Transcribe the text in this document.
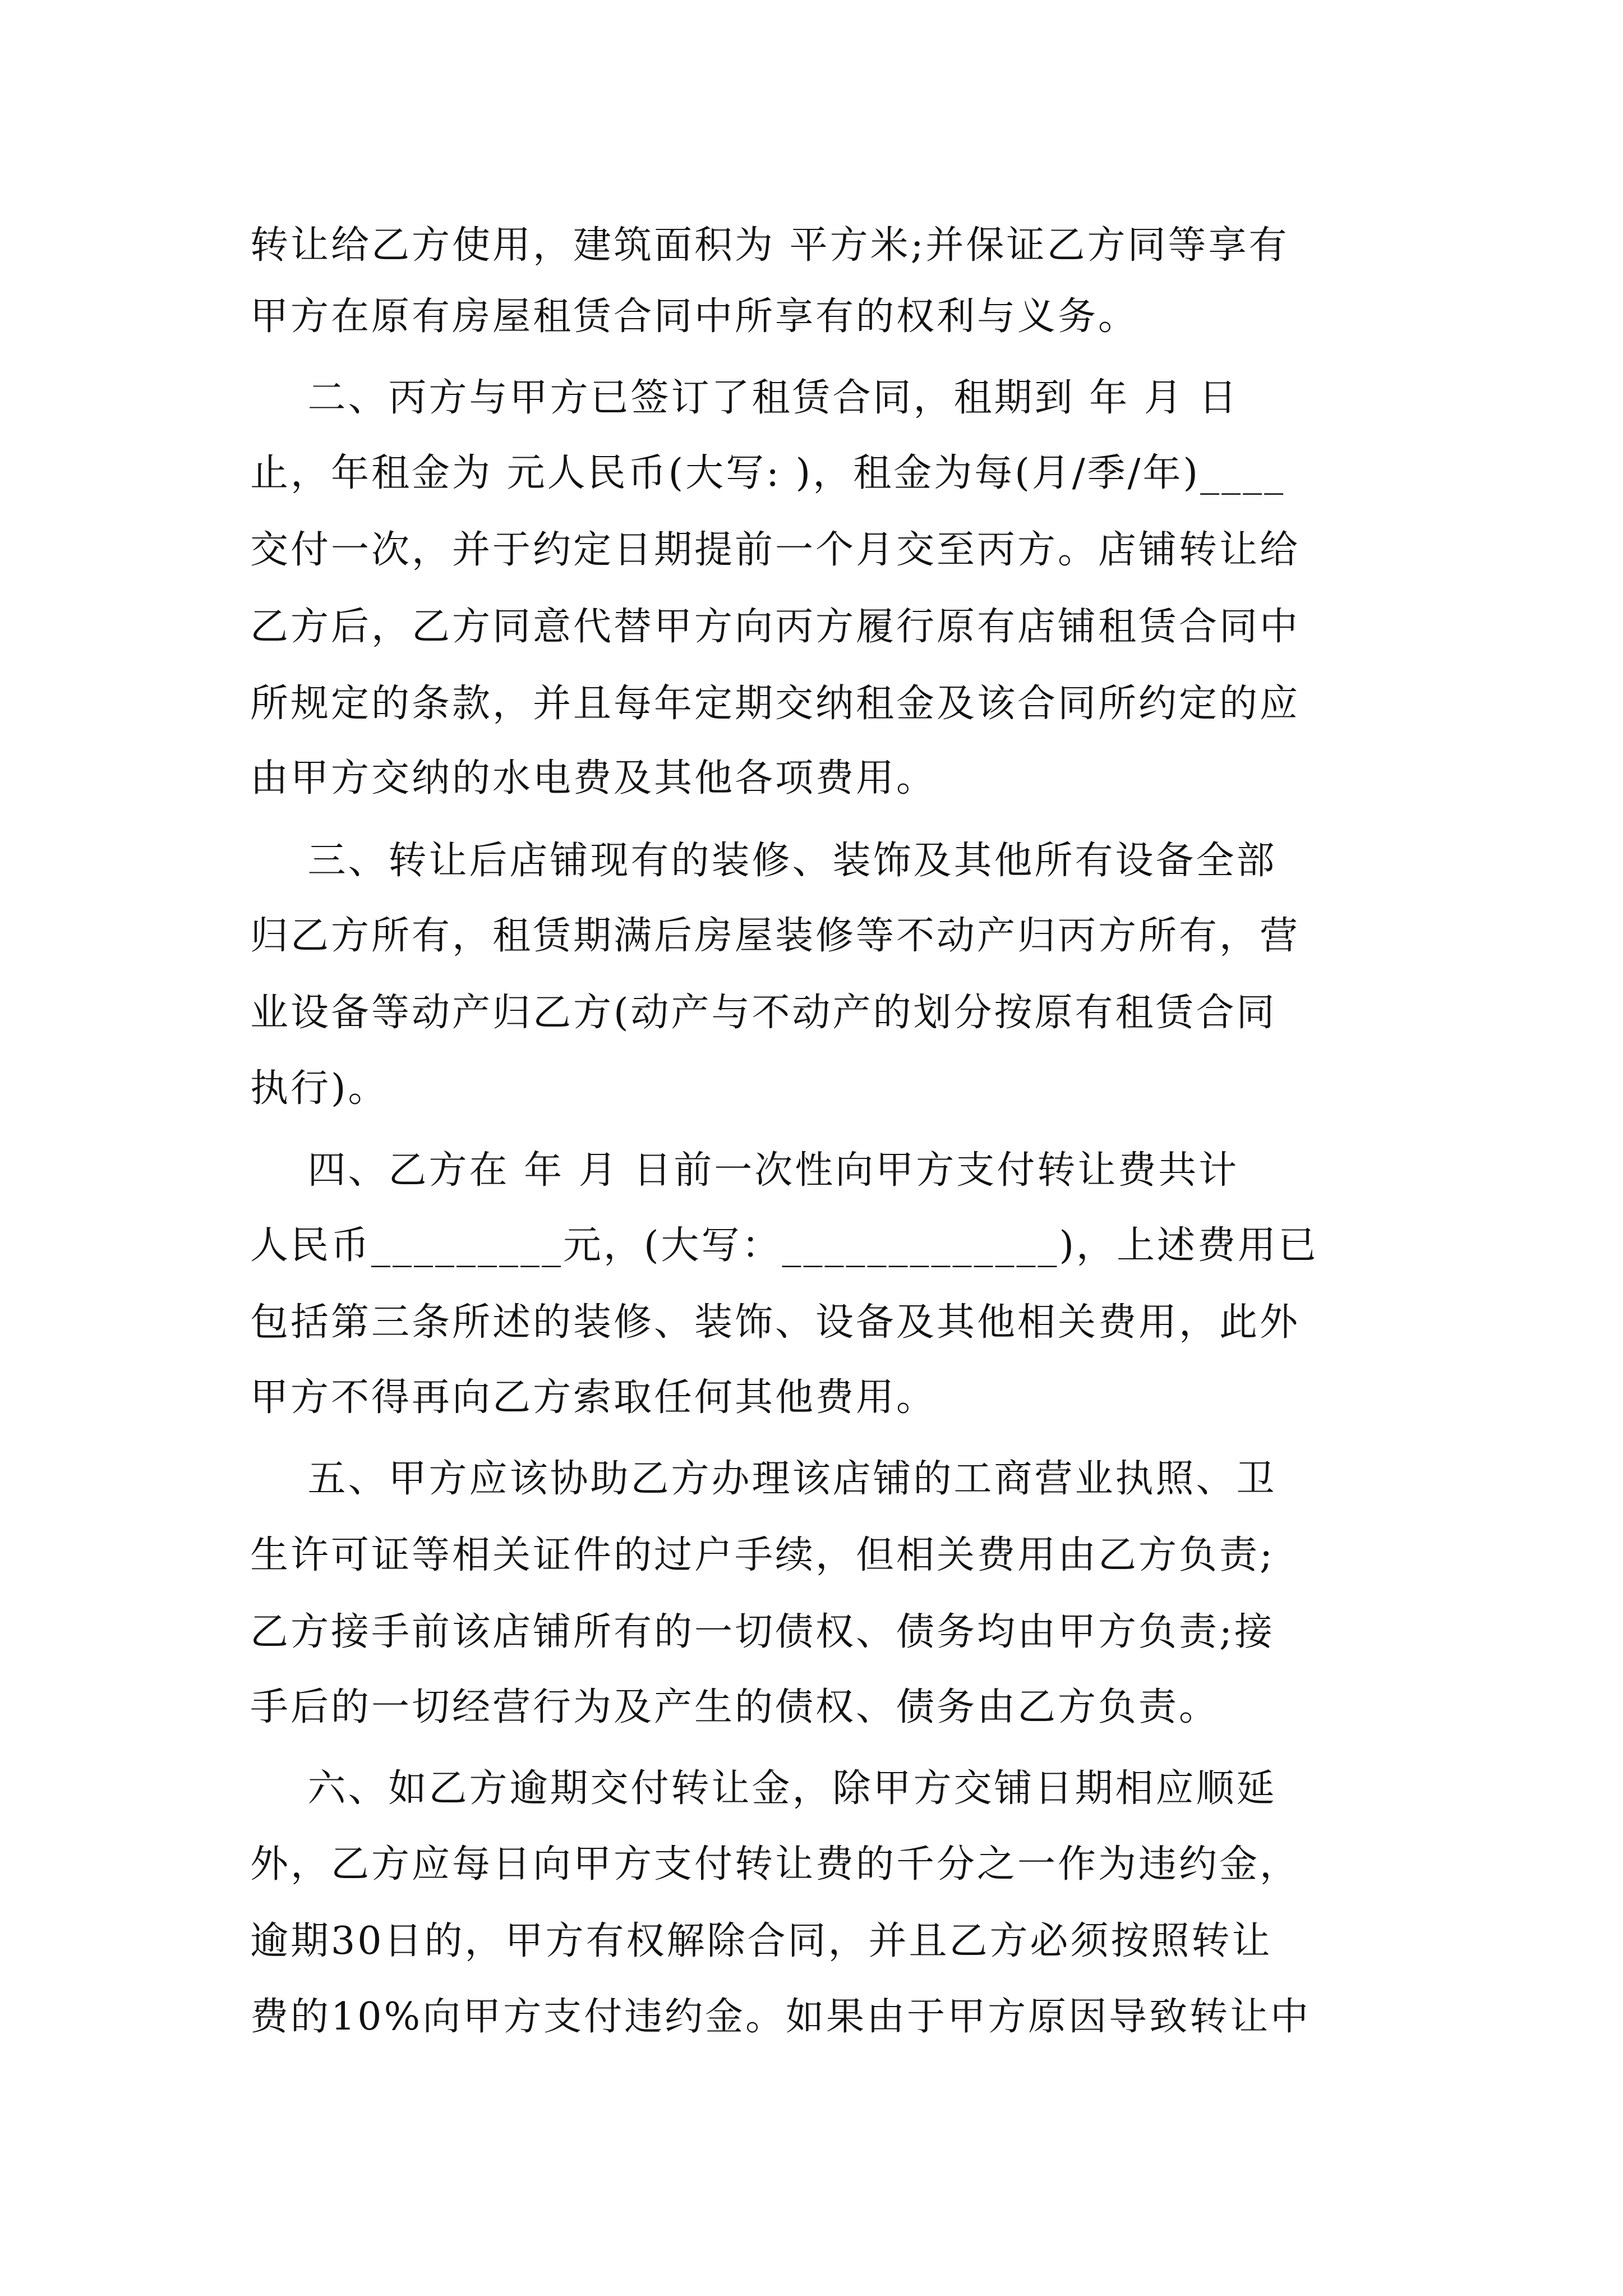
转让给乙方使用，建筑面积为 平方米;并保证乙方同等享有

甲方在原有房屋租赁合同中所享有的权利与义务。

二、丙方与甲方已签订了租赁合同，租期到 年 月 日

止，年租金为 元人民币(大写: )，租金为每(月/季/年)____

交付一次，并于约定日期提前一个月交至丙方。店铺转让给

乙方后，乙方同意代替甲方向丙方履行原有店铺租赁合同中

所规定的条款，并且每年定期交纳租金及该合同所约定的应

由甲方交纳的水电费及其他各项费用。

三、转让后店铺现有的装修、装饰及其他所有设备全部

归乙方所有，租赁期满后房屋装修等不动产归丙方所有，营

业设备等动产归乙方(动产与不动产的划分按原有租赁合同

执行)。

四、乙方在 年 月 日前一次性向甲方支付转让费共计

人民币_________元，(大写：_____________)，上述费用已

包括第三条所述的装修、装饰、设备及其他相关费用，此外

甲方不得再向乙方索取任何其他费用。

五、甲方应该协助乙方办理该店铺的工商营业执照、卫

生许可证等相关证件的过户手续，但相关费用由乙方负责;

乙方接手前该店铺所有的一切债权、债务均由甲方负责;接

手后的一切经营行为及产生的债权、债务由乙方负责。

六、如乙方逾期交付转让金，除甲方交铺日期相应顺延

外，乙方应每日向甲方支付转让费的千分之一作为违约金，

逾期30日的，甲方有权解除合同，并且乙方必须按照转让

费的10%向甲方支付违约金。如果由于甲方原因导致转让中
